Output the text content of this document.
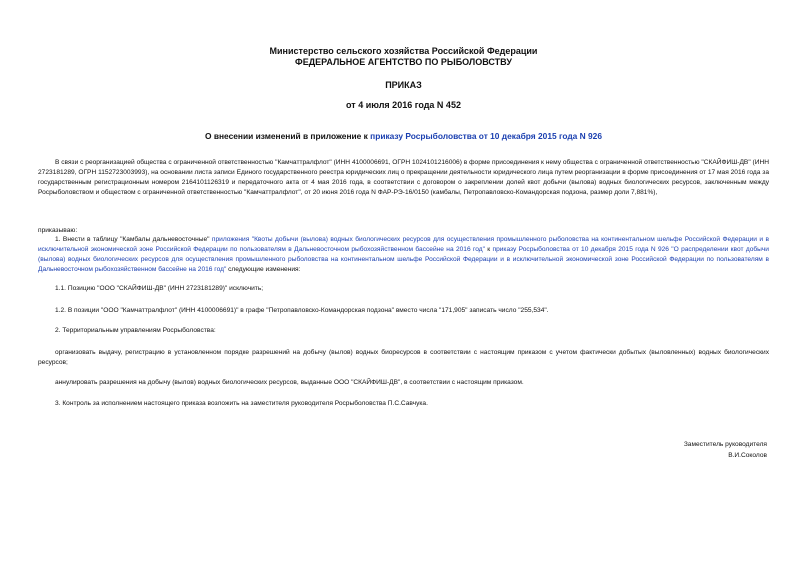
Министерство сельского хозяйства Российской Федерации
ФЕДЕРАЛЬНОЕ АГЕНТСТВО ПО РЫБОЛОВСТВУ
ПРИКАЗ
от 4 июля 2016 года N 452
О внесении изменений в приложение к приказу Росрыболовства от 10 декабря 2015 года N 926
В связи с реорганизацией общества с ограниченной ответственностью "Камчаттралфлот" (ИНН 4100006691, ОГРН 1024101216006) в форме присоединения к нему общества с ограниченной ответственностью "СКАЙФИШ-ДВ" (ИНН 2723181289, ОГРН 1152723003993), на основании листа записи Единого государственного реестра юридических лиц о прекращении деятельности юридического лица путем реорганизации в форме присоединения от 17 мая 2016 года за государственным регистрационным номером 2164101126319 и передаточного акта от 4 мая 2016 года, в соответствии с договором о закреплении долей квот добычи (вылова) водных биологических ресурсов, заключенным между Росрыболовством и обществом с ограниченной ответственностью "Камчаттралфлот", от 20 июня 2016 года N ФАР-РЭ-16/0150 (камбалы, Петропавловско-Командорская подзона, размер доли 7,881%),
приказываю:
1. Внести в таблицу "Камбалы дальневосточные" приложения "Квоты добычи (вылова) водных биологических ресурсов для осуществления промышленного рыболовства на континентальном шельфе Российской Федерации и в исключительной экономической зоне Российской Федерации по пользователям в Дальневосточном рыбохозяйственном бассейне на 2016 год" к приказу Росрыболовства от 10 декабря 2015 года N 926 "О распределении квот добычи (вылова) водных биологических ресурсов для осуществления промышленного рыболовства на континентальном шельфе Российской Федерации и в исключительной экономической зоне Российской Федерации по пользователям в Дальневосточном рыбохозяйственном бассейне на 2016 год" следующие изменения:
1.1. Позицию "ООО "СКАЙФИШ-ДВ" (ИНН 2723181289)" исключить;
1.2. В позиции "ООО "Камчаттралфлот" (ИНН 4100006691)" в графе "Петропавловско-Командорская подзона" вместо числа "171,905" записать число "255,534".
2. Территориальным управлениям Росрыболовства:
организовать выдачу, регистрацию в установленном порядке разрешений на добычу (вылов) водных биоресурсов в соответствии с настоящим приказом с учетом фактически добытых (выловленных) водных биологических ресурсов;
аннулировать разрешения на добычу (вылов) водных биологических ресурсов, выданные ООО "СКАЙФИШ-ДВ", в соответствии с настоящим приказом.
3. Контроль за исполнением настоящего приказа возложить на заместителя руководителя Росрыболовства П.С.Савчука.
Заместитель руководителя
В.И.Соколов
